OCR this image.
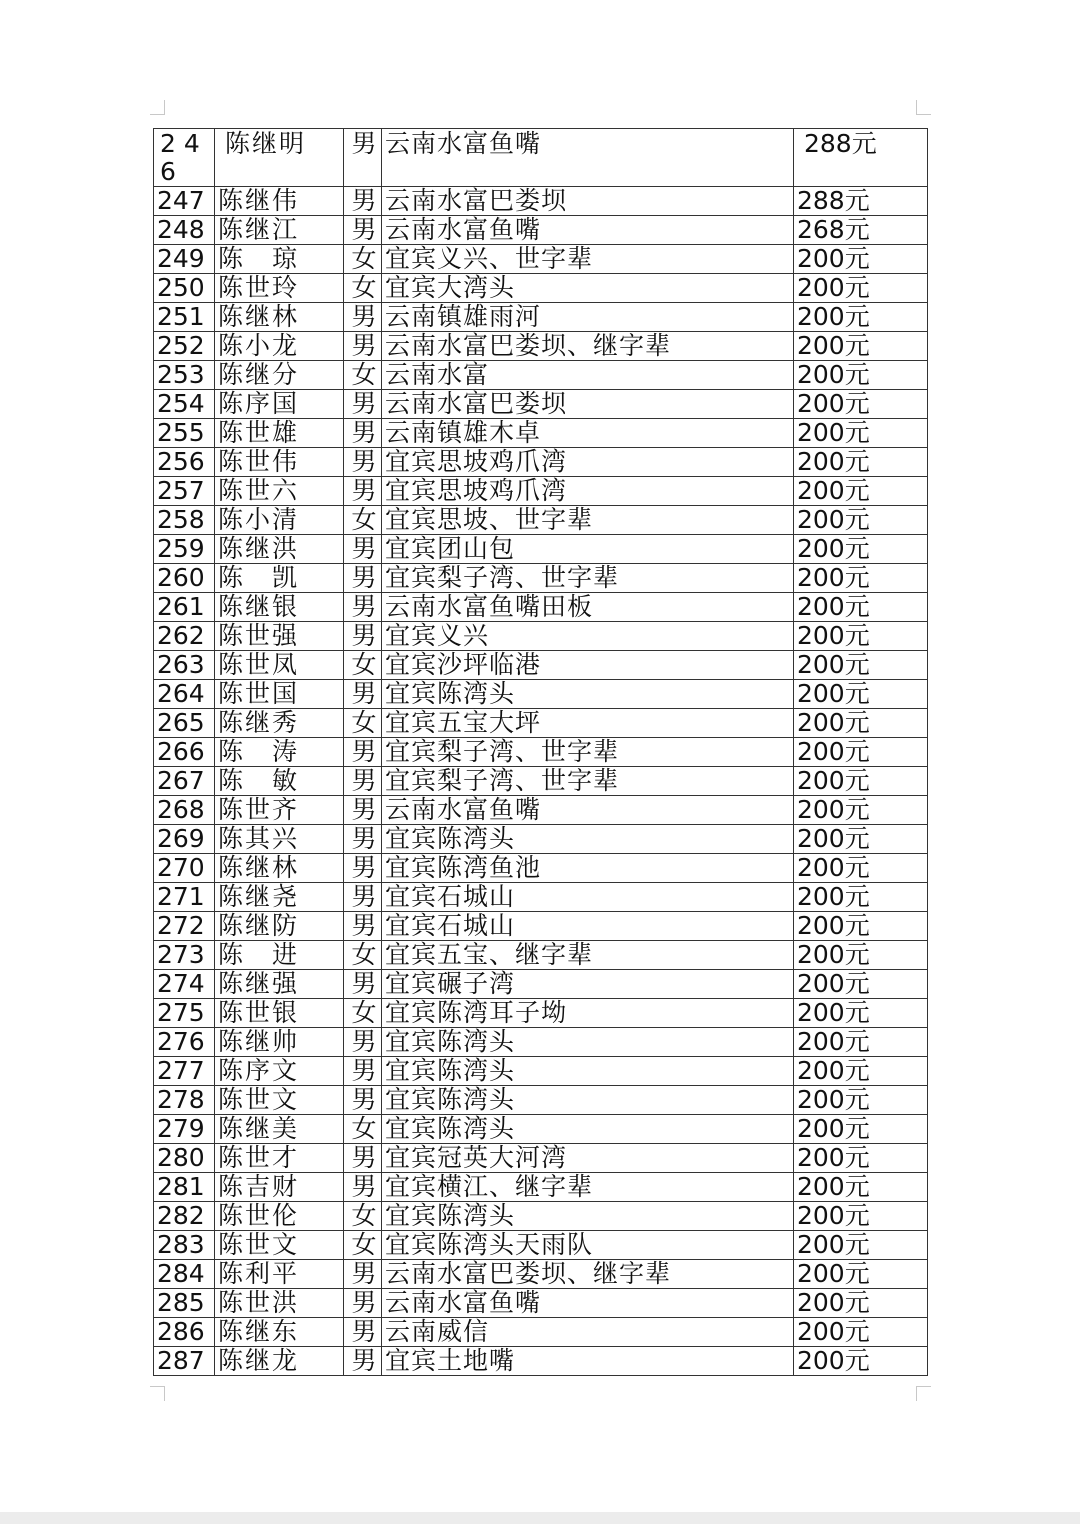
246	陈继明	男	云南水富鱼嘴	288元
247	陈继伟	男	云南水富巴娄坝	288元
248	陈继江	男	云南水富鱼嘴	268元
249	陈　琼	女	宜宾义兴、世字辈	200元
250	陈世玲	女	宜宾大湾头	200元
251	陈继林	男	云南镇雄雨河	200元
252	陈小龙	男	云南水富巴娄坝、继字辈	200元
253	陈继分	女	云南水富	200元
254	陈序国	男	云南水富巴娄坝	200元
255	陈世雄	男	云南镇雄木卓	200元
256	陈世伟	男	宜宾思坡鸡爪湾	200元
257	陈世六	男	宜宾思坡鸡爪湾	200元
258	陈小清	女	宜宾思坡、世字辈	200元
259	陈继洪	男	宜宾团山包	200元
260	陈　凯	男	宜宾梨子湾、世字辈	200元
261	陈继银	男	云南水富鱼嘴田板	200元
262	陈世强	男	宜宾义兴	200元
263	陈世凤	女	宜宾沙坪临港	200元
264	陈世国	男	宜宾陈湾头	200元
265	陈继秀	女	宜宾五宝大坪	200元
266	陈　涛	男	宜宾梨子湾、世字辈	200元
267	陈　敏	男	宜宾梨子湾、世字辈	200元
268	陈世齐	男	云南水富鱼嘴	200元
269	陈其兴	男	宜宾陈湾头	200元
270	陈继林	男	宜宾陈湾鱼池	200元
271	陈继尧	男	宜宾石城山	200元
272	陈继防	男	宜宾石城山	200元
273	陈　进	女	宜宾五宝、继字辈	200元
274	陈继强	男	宜宾碾子湾	200元
275	陈世银	女	宜宾陈湾耳子坳	200元
276	陈继帅	男	宜宾陈湾头	200元
277	陈序文	男	宜宾陈湾头	200元
278	陈世文	男	宜宾陈湾头	200元
279	陈继美	女	宜宾陈湾头	200元
280	陈世才	男	宜宾冠英大河湾	200元
281	陈吉财	男	宜宾横江、继字辈	200元
282	陈世伦	女	宜宾陈湾头	200元
283	陈世文	女	宜宾陈湾头天雨队	200元
284	陈利平	男	云南水富巴娄坝、继字辈	200元
285	陈世洪	男	云南水富鱼嘴	200元
286	陈继东	男	云南威信	200元
287	陈继龙	男	宜宾土地嘴	200元
